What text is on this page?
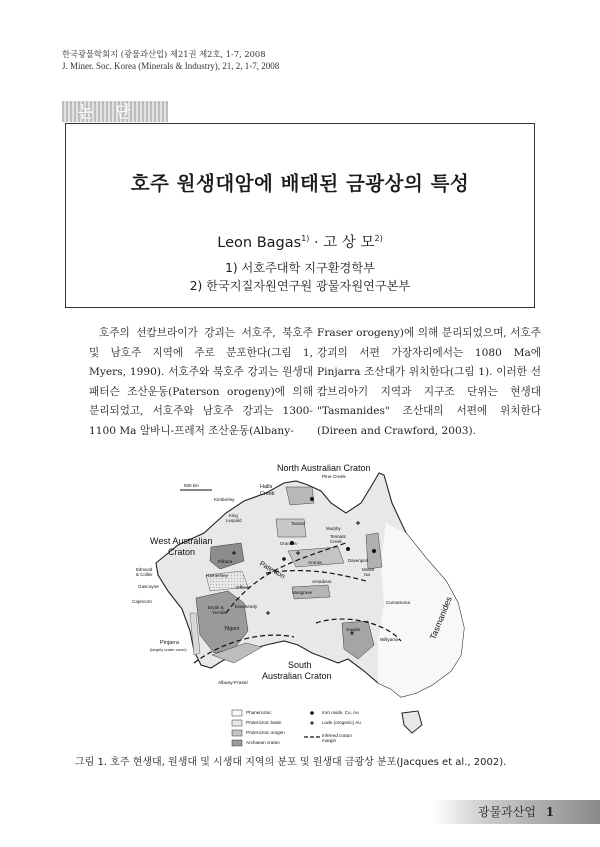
한국광물학회지 (광물과산업) 제21권 제2호, 1-7, 2008
J. Miner. Soc. Korea (Minerals & Industry), 21, 2, 1-7, 2008
논 단
호주 원생대암에 배태된 금광상의 특성
Leon Bagas$^{1)}$ · 고 상 모$^{2)}$
1) 서호주대학 지구환경학부
2) 한국지질자원연구원 광물자원연구본부

호주의 선캄브라이가 강괴는 서호주, 북호주 및 남호주 지역에 주로 분포한다(그림 1, Myers, 1990). 서호주와 북호주 강괴는 원생대 패터슨 조산운동(Paterson orogeny)에 의해 분리되었고, 서호주와 남호주 강괴는 1300-1100 Ma 알바니-프레저 조산운동(Albany-

Fraser orogeny)에 의해 분리되었으며, 서호주 강괴의 서편 가장자리에서는 1080 Ma에 Pinjarra 조산대가 위치한다(그림 1). 이러한 선캄브리아기 지역과 지구조 단위는 현생대 "Tasmanides" 조산대의 서편에 위치한다 (Direen and Crawford, 2003).

North Australian Craton
West Australian
Craton
South
Australian Craton
500 km
Pine Creek
Halls
Creek
Kimberley
King
Leopold
Murphy
Tanami
Tennant
Creek
Granites-
Arunta	Davenport
Mount
Isa
Paterson
Pilbara
Edmund
& Collier	Hamersley
Gascoyne
Capricorn
Officer
Musgrave
Amadeus
Bryah &
Yerrida
Earaheedy
Yilgarn
Curnamona Tasmanides
Pinjarra
(largely under cover)
Gawler
Willyama
Albany-Fraser
Phanerozoic
Proterozoic basin
Proterozoic orogen
Archaean craton
Iron oxide, Cu, Au
Lode (orogenic) Au
Inferred craton
margin
그림 1. 호주 현생대, 원생대 및 시생대 지역의 분포 및 원생대 금광상 분포(Jacques et al., 2002).
광물과산업 1
